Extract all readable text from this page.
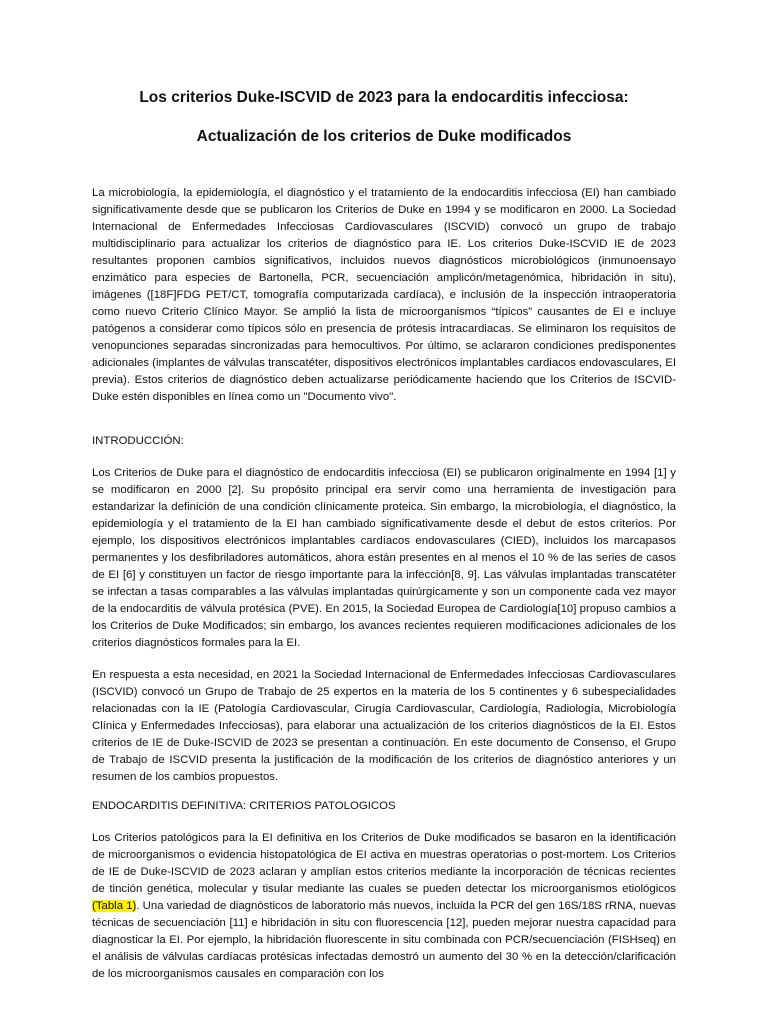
Los criterios Duke-ISCVID de 2023 para la endocarditis infecciosa:
Actualización de los criterios de Duke modificados

La microbiología, la epidemiología, el diagnóstico y el tratamiento de la endocarditis infecciosa (EI) han cambiado significativamente desde que se publicaron los Criterios de Duke en 1994 y se modificaron en 2000. La Sociedad Internacional de Enfermedades Infecciosas Cardiovasculares (ISCVID) convocó un grupo de trabajo multidisciplinario para actualizar los criterios de diagnóstico para IE. Los criterios Duke-ISCVID IE de 2023 resultantes proponen cambios significativos, incluidos nuevos diagnósticos microbiológicos (inmunoensayo enzimático para especies de Bartonella, PCR, secuenciación amplicón/metagenómica, hibridación in situ), imágenes ([18F]FDG PET/CT, tomografía computarizada cardíaca), e inclusión de la inspección intraoperatoria como nuevo Criterio Clínico Mayor. Se amplió la lista de microorganismos “típicos” causantes de EI e incluye patógenos a considerar como típicos sólo en presencia de prótesis intracardiacas. Se eliminaron los requisitos de venopunciones separadas sincronizadas para hemocultivos. Por último, se aclararon condiciones predisponentes adicionales (implantes de válvulas transcatéter, dispositivos electrónicos implantables cardiacos endovasculares, EI previa). Estos criterios de diagnóstico deben actualizarse periódicamente haciendo que los Criterios de ISCVID-Duke estén disponibles en línea como un "Documento vivo".

INTRODUCCIÓN:

Los Criterios de Duke para el diagnóstico de endocarditis infecciosa (EI) se publicaron originalmente en 1994 [1] y se modificaron en 2000 [2]. Su propósito principal era servir como una herramienta de investigación para estandarizar la definición de una condición clínicamente proteica. Sin embargo, la microbiología, el diagnóstico, la epidemiología y el tratamiento de la EI han cambiado significativamente desde el debut de estos criterios. Por ejemplo, los dispositivos electrónicos implantables cardíacos endovasculares (CIED), incluidos los marcapasos permanentes y los desfibriladores automáticos, ahora están presentes en al menos el 10 % de las series de casos de EI [6] y constituyen un factor de riesgo importante para la infección[8, 9]. Las válvulas implantadas transcatéter se infectan a tasas comparables a las válvulas implantadas quirúrgicamente y son un componente cada vez mayor de la endocarditis de válvula protésica (PVE). En 2015, la Sociedad Europea de Cardiología[10] propuso cambios a los Criterios de Duke Modificados; sin embargo, los avances recientes requieren modificaciones adicionales de los criterios diagnósticos formales para la EI.

En respuesta a esta necesidad, en 2021 la Sociedad Internacional de Enfermedades Infecciosas Cardiovasculares (ISCVID) convocó un Grupo de Trabajo de 25 expertos en la materia de los 5 continentes y 6 subespecialidades relacionadas con la IE (Patología Cardiovascular, Cirugía Cardiovascular, Cardiología, Radiología, Microbiología Clínica y Enfermedades Infecciosas), para elaborar una actualización de los criterios diagnósticos de la EI. Estos criterios de IE de Duke-ISCVID de 2023 se presentan a continuación. En este documento de Consenso, el Grupo de Trabajo de ISCVID presenta la justificación de la modificación de los criterios de diagnóstico anteriores y un resumen de los cambios propuestos.

ENDOCARDITIS DEFINITIVA: CRITERIOS PATOLOGICOS

Los Criterios patológicos para la EI definitiva en los Criterios de Duke modificados se basaron en la identificación de microorganismos o evidencia histopatológica de EI activa en muestras operatorias o post-mortem. Los Criterios de IE de Duke-ISCVID de 2023 aclaran y amplían estos criterios mediante la incorporación de técnicas recientes de tinción genética, molecular y tisular mediante las cuales se pueden detectar los microorganismos etiológicos (Tabla 1). Una variedad de diagnósticos de laboratorio más nuevos, incluida la PCR del gen 16S/18S rRNA, nuevas técnicas de secuenciación [11] e hibridación in situ con fluorescencia [12], pueden mejorar nuestra capacidad para diagnosticar la EI. Por ejemplo, la hibridación fluorescente in situ combinada con PCR/secuenciación (FISHseq) en el análisis de válvulas cardíacas protésicas infectadas demostró un aumento del 30 % en la detección/clarificación de los microorganismos causales en comparación con los
